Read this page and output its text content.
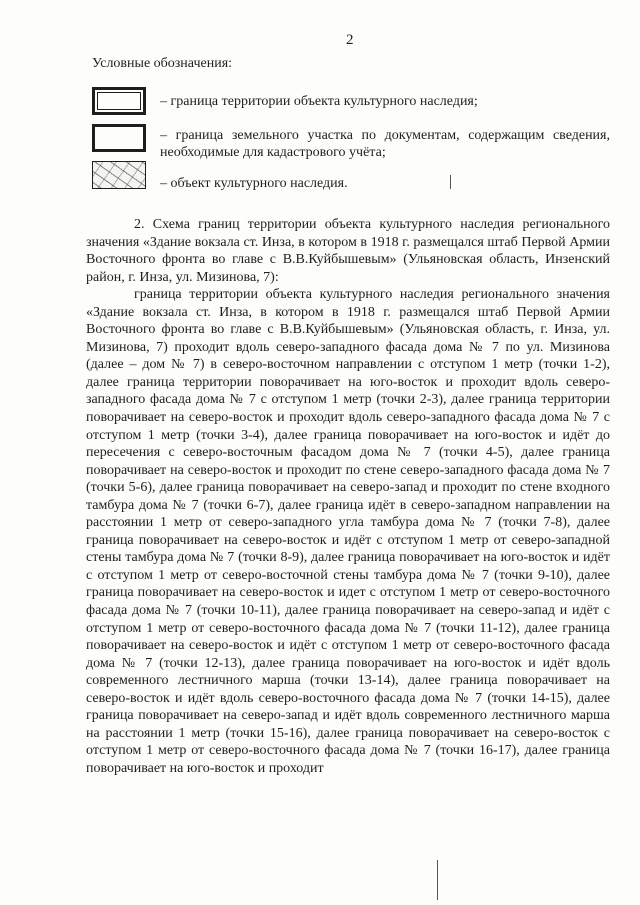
2
Условные обозначения:
– граница территории объекта культурного наследия;
– граница земельного участка по документам, содержащим сведения, необходимые для кадастрового учёта;
– объект культурного наследия.

2. Схема границ территории объекта культурного наследия регионального значения «Здание вокзала ст. Инза, в котором в 1918 г. размещался штаб Первой Армии Восточного фронта во главе с В.В.Куйбышевым» (Ульяновская область, Инзенский район, г. Инза, ул. Мизинова, 7):

граница территории объекта культурного наследия регионального значения «Здание вокзала ст. Инза, в котором в 1918 г. размещался штаб Первой Армии Восточного фронта во главе с В.В.Куйбышевым» (Ульяновская область, г. Инза, ул. Мизинова, 7) проходит вдоль северо-западного фасада дома № 7 по ул. Мизинова (далее – дом № 7) в северо-восточном направлении с отступом 1 метр (точки 1-2), далее граница территории поворачивает на юго-восток и проходит вдоль северо-западного фасада дома № 7 с отступом 1 метр (точки 2-3), далее граница территории поворачивает на северо-восток и проходит вдоль северо-западного фасада дома № 7 с отступом 1 метр (точки 3-4), далее граница поворачивает на юго-восток и идёт до пересечения с северо-восточным фасадом дома № 7 (точки 4-5), далее граница поворачивает на северо-восток и проходит по стене северо-западного фасада дома № 7 (точки 5-6), далее граница поворачивает на северо-запад и проходит по стене входного тамбура дома № 7 (точки 6-7), далее граница идёт в северо-западном направлении на расстоянии 1 метр от северо-западного угла тамбура дома № 7 (точки 7-8), далее граница поворачивает на северо-восток и идёт с отступом 1 метр от северо-западной стены тамбура дома № 7 (точки 8-9), далее граница поворачивает на юго-восток и идёт с отступом 1 метр от северо-восточной стены тамбура дома № 7 (точки 9-10), далее граница поворачивает на северо-восток и идет с отступом 1 метр от северо-восточного фасада дома № 7 (точки 10-11), далее граница поворачивает на северо-запад и идёт с отступом 1 метр от северо-восточного фасада дома № 7 (точки 11-12), далее граница поворачивает на северо-восток и идёт с отступом 1 метр от северо-восточного фасада дома № 7 (точки 12-13), далее граница поворачивает на юго-восток и идёт вдоль современного лестничного марша (точки 13-14), далее граница поворачивает на северо-восток и идёт вдоль северо-восточного фасада дома № 7 (точки 14-15), далее граница поворачивает на северо-запад и идёт вдоль современного лестничного марша на расстоянии 1 метр (точки 15-16), далее граница поворачивает на северо-восток с отступом 1 метр от северо-восточного фасада дома № 7 (точки 16-17), далее граница поворачивает на юго-восток и проходит
